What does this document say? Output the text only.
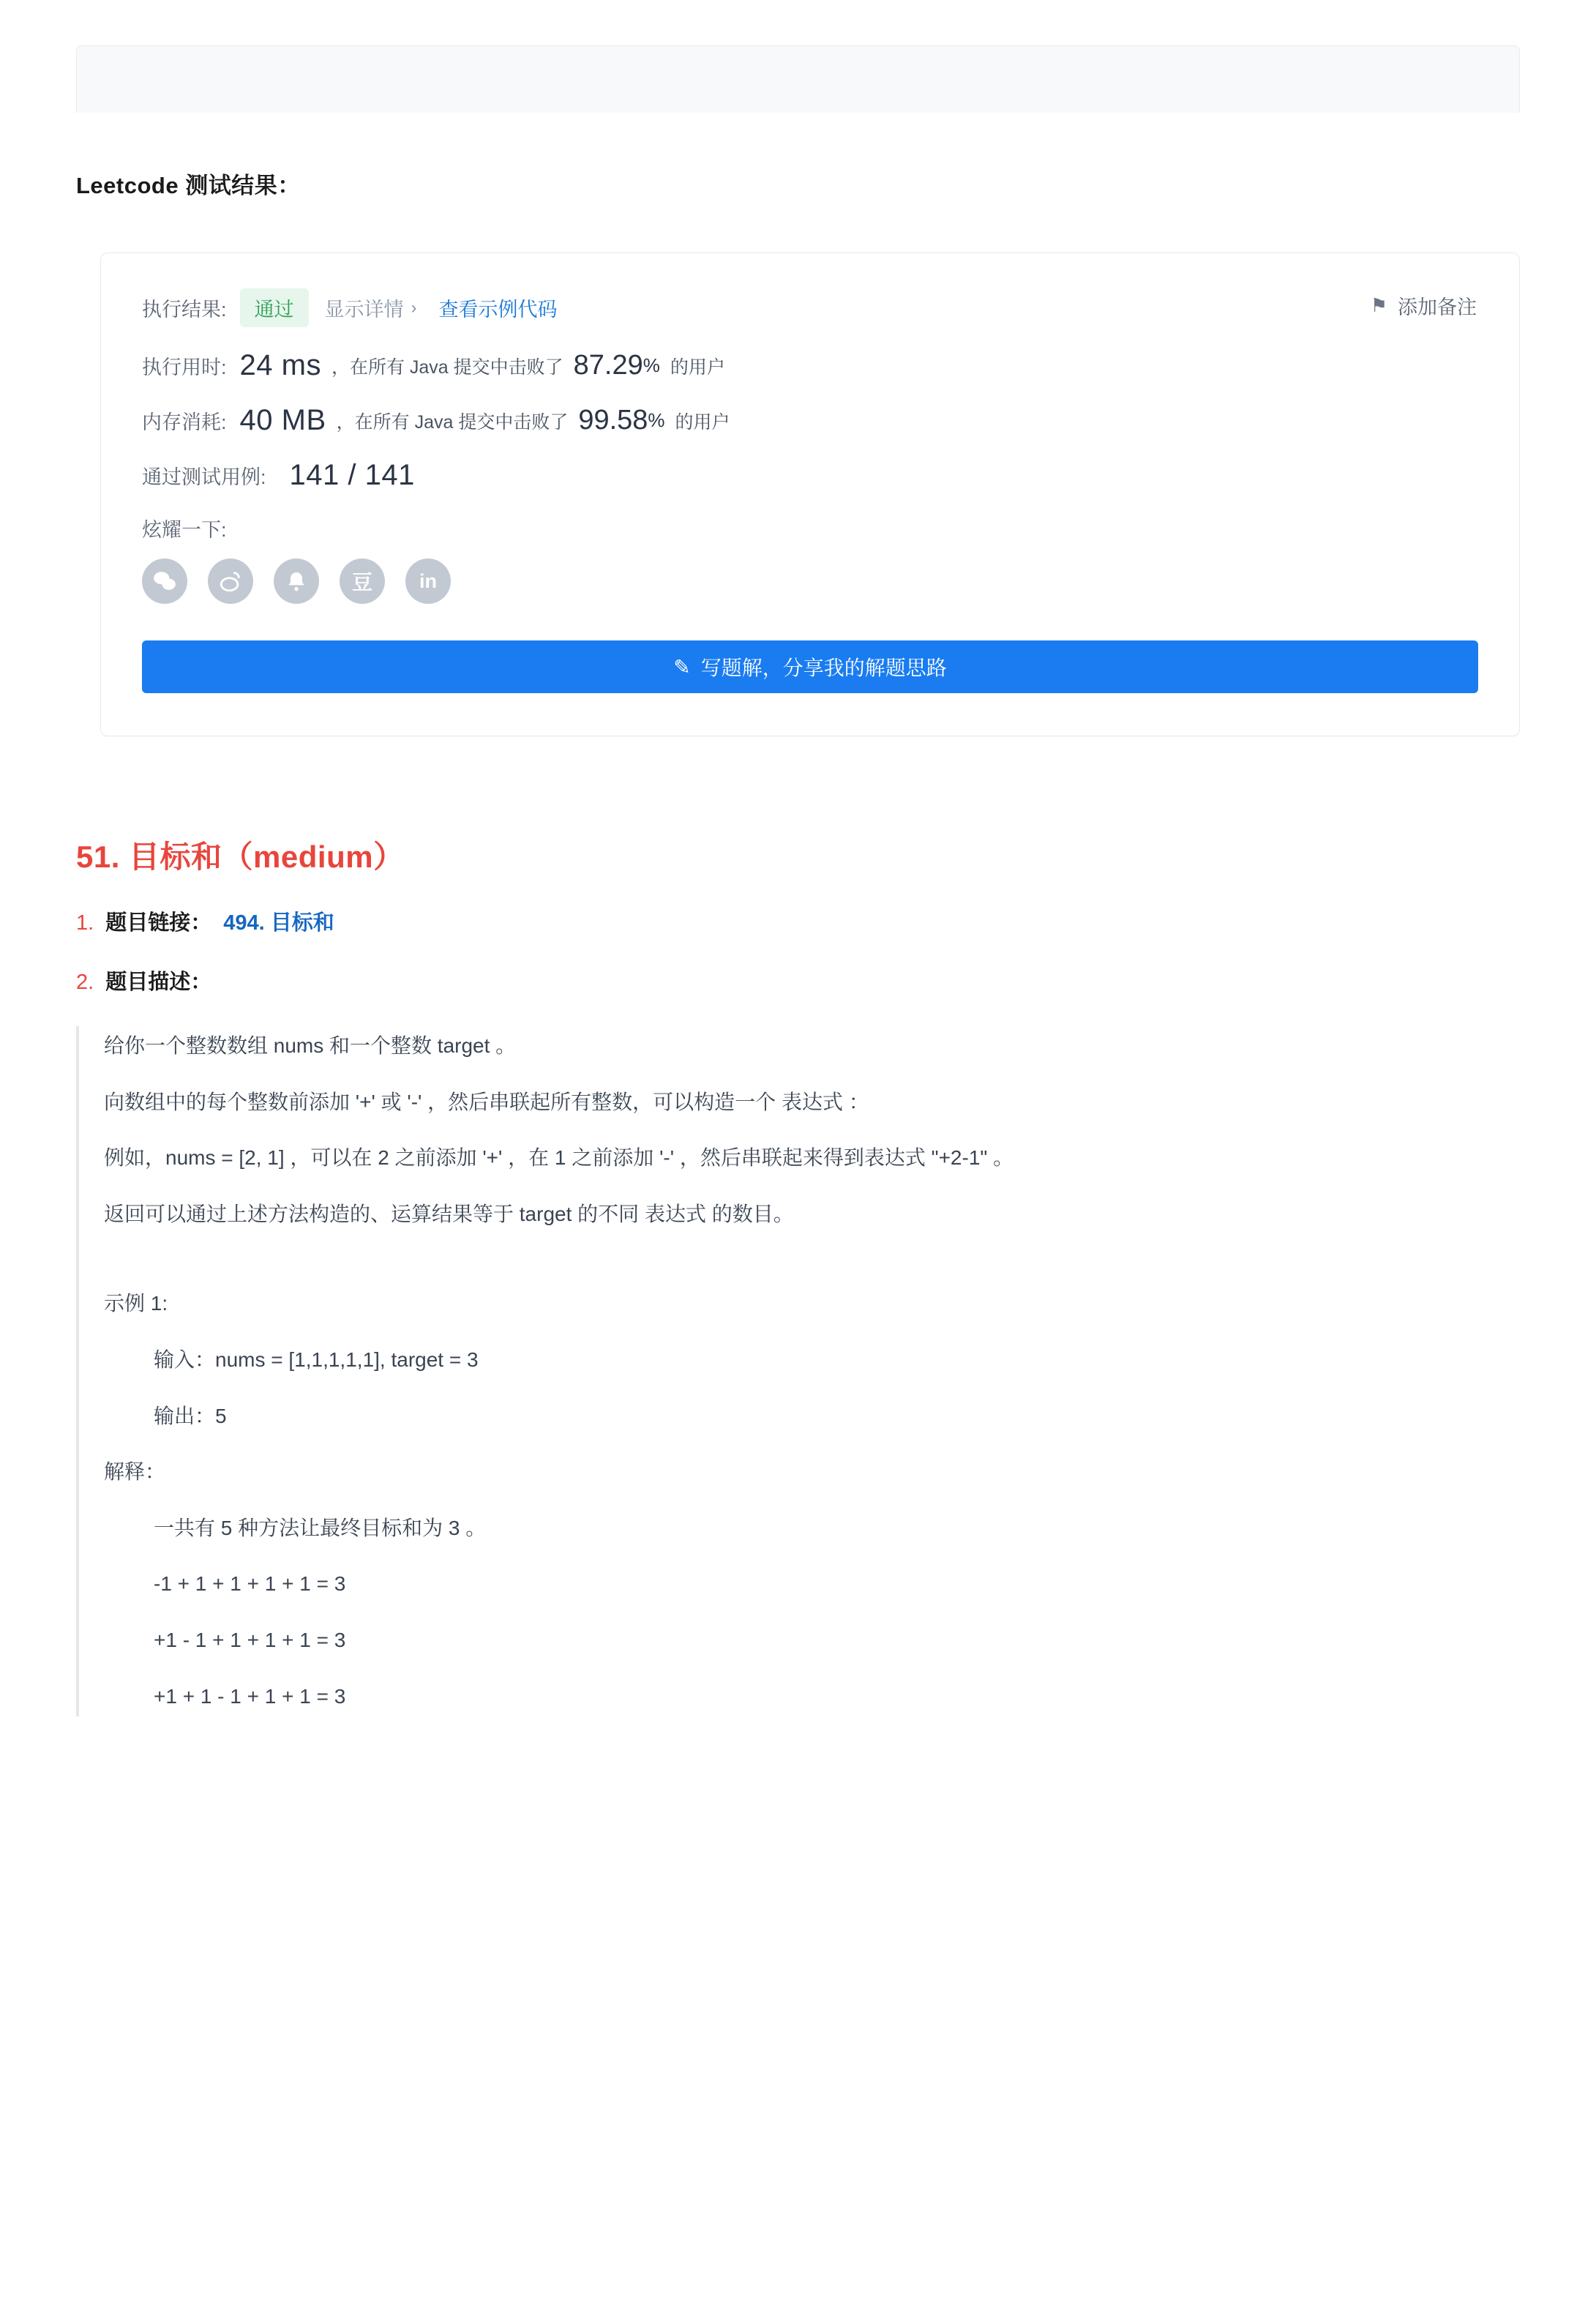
Leetcode 测试结果：
⚑ 添加备注
执行结果:	通过	显示详情 › 查看示例代码
执行用时: 24 ms ，在所有 Java 提交中击败了 87.29 % 的用户
内存消耗: 40 MB ，在所有 Java 提交中击败了 99.58 % 的用户
通过测试用例: 141 / 141
炫耀一下:
豆 in
✎ 写题解，分享我的解题思路
51. 目标和（medium）
1. 题目链接： 494. 目标和
2. 题目描述：

给你一个整数数组 nums 和一个整数 target 。

向数组中的每个整数前添加 '+' 或 '-' ，然后串联起所有整数，可以构造一个 表达式 ：

例如，nums = [2, 1] ，可以在 2 之前添加 '+' ，在 1 之前添加 '-' ，然后串联起来得到表达式 "+2-1" 。

返回可以通过上述方法构造的、运算结果等于 target 的不同 表达式 的数目。

示例 1:

输入：nums = [1,1,1,1,1], target = 3

输出：5

解释：

一共有 5 种方法让最终目标和为 3 。

-1 + 1 + 1 + 1 + 1 = 3

+1 - 1 + 1 + 1 + 1 = 3

+1 + 1 - 1 + 1 + 1 = 3
